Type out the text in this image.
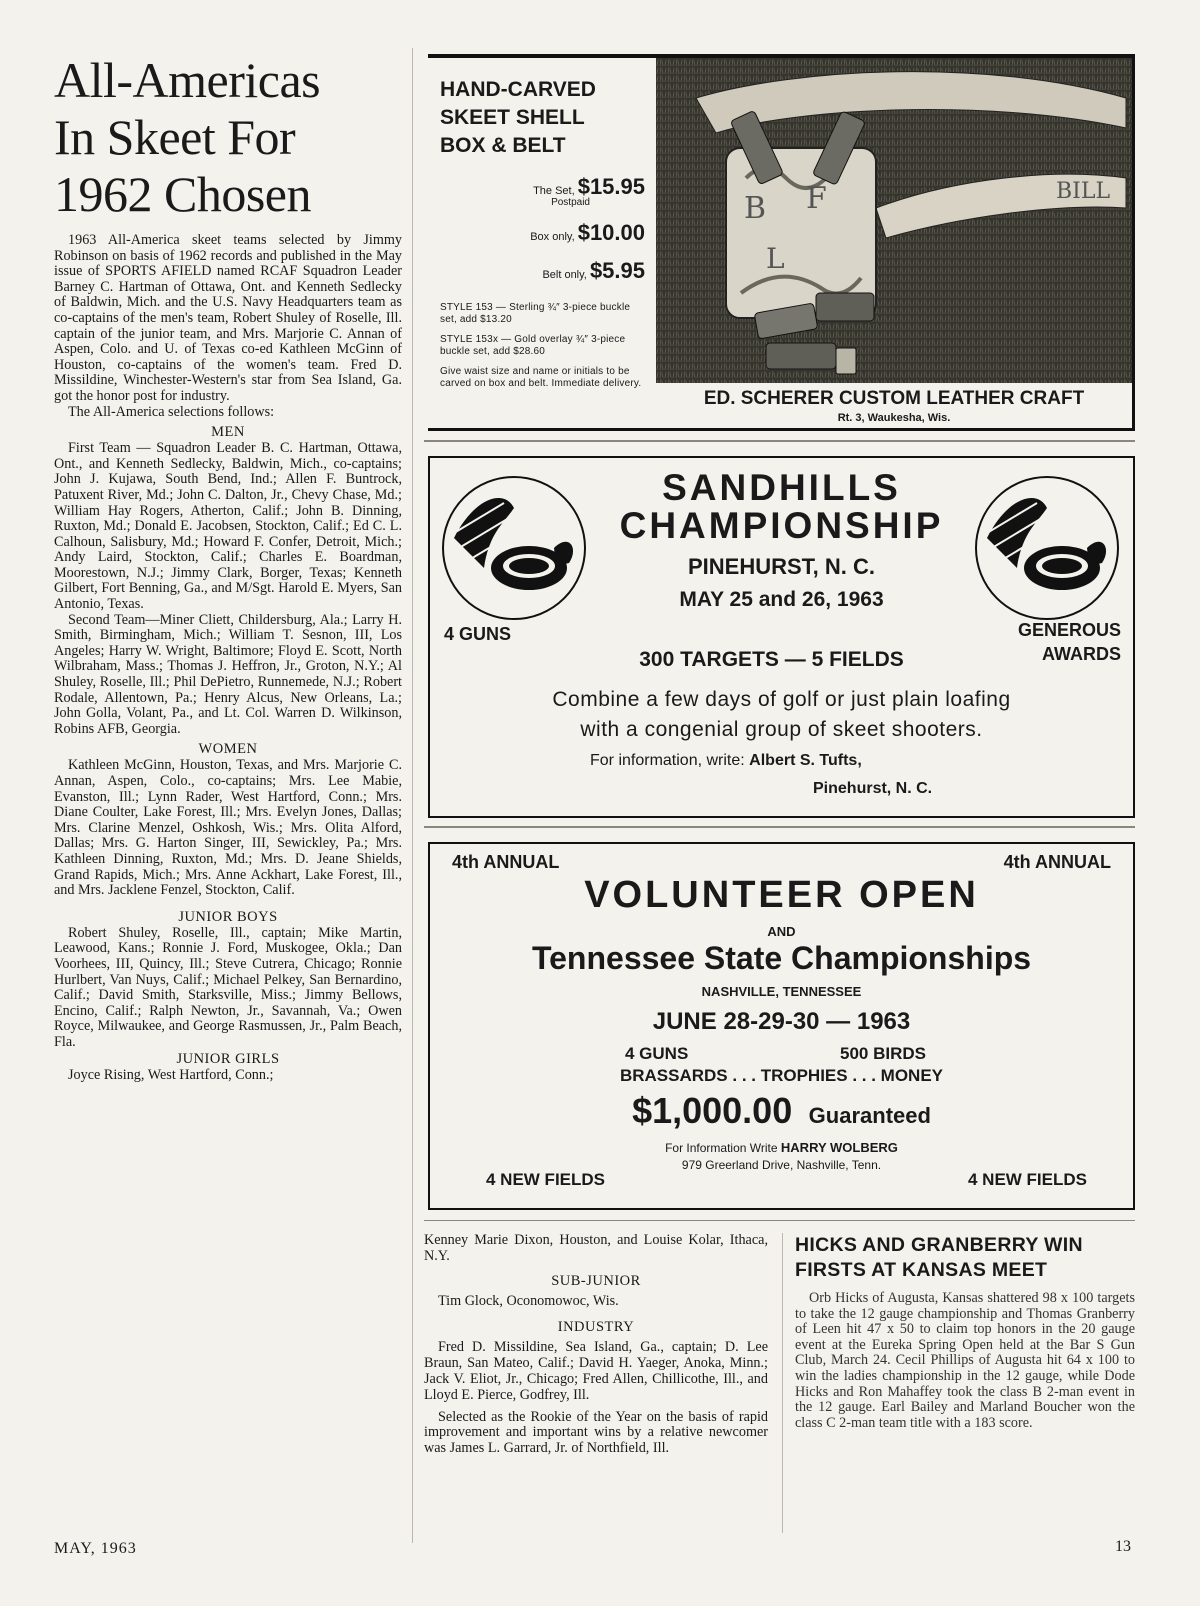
All-Americas
In Skeet For
1962 Chosen

1963 All-America skeet teams selected by Jimmy Robinson on basis of 1962 records and published in the May issue of SPORTS AFIELD named RCAF Squadron Leader Barney C. Hartman of Ottawa, Ont. and Kenneth Sedlecky of Baldwin, Mich. and the U.S. Navy Headquarters team as co-captains of the men's team, Robert Shuley of Roselle, Ill. captain of the junior team, and Mrs. Marjorie C. Annan of Aspen, Colo. and U. of Texas co-ed Kathleen McGinn of Houston, co-captains of the women's team. Fred D. Missildine, Winchester-Western's star from Sea Island, Ga. got the honor post for industry.

The All-America selections follows:

MEN

First Team — Squadron Leader B. C. Hartman, Ottawa, Ont., and Kenneth Sedlecky, Baldwin, Mich., co-captains; John J. Kujawa, South Bend, Ind.; Allen F. Buntrock, Patuxent River, Md.; John C. Dalton, Jr., Chevy Chase, Md.; William Hay Rogers, Atherton, Calif.; John B. Dinning, Ruxton, Md.; Donald E. Jacobsen, Stockton, Calif.; Ed C. L. Calhoun, Salisbury, Md.; Howard F. Confer, Detroit, Mich.; Andy Laird, Stockton, Calif.; Charles E. Boardman, Moorestown, N.J.; Jimmy Clark, Borger, Texas; Kenneth Gilbert, Fort Benning, Ga., and M/Sgt. Harold E. Myers, San Antonio, Texas.

Second Team—Miner Cliett, Childersburg, Ala.; Larry H. Smith, Birmingham, Mich.; William T. Sesnon, III, Los Angeles; Harry W. Wright, Baltimore; Floyd E. Scott, North Wilbraham, Mass.; Thomas J. Heffron, Jr., Groton, N.Y.; Al Shuley, Roselle, Ill.; Phil DePietro, Runnemede, N.J.; Robert Rodale, Allentown, Pa.; Henry Alcus, New Orleans, La.; John Golla, Volant, Pa., and Lt. Col. Warren D. Wilkinson, Robins AFB, Georgia.

WOMEN

Kathleen McGinn, Houston, Texas, and Mrs. Marjorie C. Annan, Aspen, Colo., co-captains; Mrs. Lee Mabie, Evanston, Ill.; Lynn Rader, West Hartford, Conn.; Mrs. Diane Coulter, Lake Forest, Ill.; Mrs. Evelyn Jones, Dallas; Mrs. Clarine Menzel, Oshkosh, Wis.; Mrs. Olita Alford, Dallas; Mrs. G. Harton Singer, III, Sewickley, Pa.; Mrs. Kathleen Dinning, Ruxton, Md.; Mrs. D. Jeane Shields, Grand Rapids, Mich.; Mrs. Anne Ackhart, Lake Forest, Ill., and Mrs. Jacklene Fenzel, Stockton, Calif.

JUNIOR BOYS

Robert Shuley, Roselle, Ill., captain; Mike Martin, Leawood, Kans.; Ronnie J. Ford, Muskogee, Okla.; Dan Voorhees, III, Quincy, Ill.; Steve Cutrera, Chicago; Ronnie Hurlbert, Van Nuys, Calif.; Michael Pelkey, San Bernardino, Calif.; David Smith, Starksville, Miss.; Jimmy Bellows, Encino, Calif.; Ralph Newton, Jr., Savannah, Va.; Owen Royce, Milwaukee, and George Rasmussen, Jr., Palm Beach, Fla.

JUNIOR GIRLS

Joyce Rising, West Hartford, Conn.;

HAND-CARVED
SKEET SHELL
BOX & BELT

The Set, $15.95
Postpaid
Box only, $10.00
Belt only, $5.95
STYLE 153 — Sterling ¾″ 3-piece buckle set, add $13.20
STYLE 153x — Gold overlay ¾″ 3-piece buckle set, add $28.60
Give waist size and name or initials to be carved on box and belt. Immediate delivery.
BILL
B F
L
ED. SCHERER CUSTOM LEATHER CRAFT
Rt. 3, Waukesha, Wis.
SANDHILLS
CHAMPIONSHIP
PINEHURST, N. C.
MAY 25 and 26, 1963
4 GUNS	GENEROUS
AWARDS
300 TARGETS — 5 FIELDS
Combine a few days of golf or just plain loafing
with a congenial group of skeet shooters.
For information, write: Albert S. Tufts,
Pinehurst, N. C.
4th ANNUAL	4th ANNUAL
VOLUNTEER OPEN
AND
Tennessee State Championships
NASHVILLE, TENNESSEE
JUNE 28-29-30 — 1963
4 GUNS	500 BIRDS
BRASSARDS . . . TROPHIES . . . MONEY
$1,000.00 Guaranteed
For Information Write HARRY WOLBERG
979 Greerland Drive, Nashville, Tenn.
4 NEW FIELDS	4 NEW FIELDS

Kenney Marie Dixon, Houston, and Louise Kolar, Ithaca, N.Y.

SUB-JUNIOR

Tim Glock, Oconomowoc, Wis.

INDUSTRY

Fred D. Missildine, Sea Island, Ga., captain; D. Lee Braun, San Mateo, Calif.; David H. Yaeger, Anoka, Minn.; Jack V. Eliot, Jr., Chicago; Fred Allen, Chillicothe, Ill., and Lloyd E. Pierce, Godfrey, Ill.

Selected as the Rookie of the Year on the basis of rapid improvement and important wins by a relative newcomer was James L. Garrard, Jr. of Northfield, Ill.

HICKS AND GRANBERRY WIN
FIRSTS AT KANSAS MEET

Orb Hicks of Augusta, Kansas shattered 98 x 100 targets to take the 12 gauge championship and Thomas Granberry of Leen hit 47 x 50 to claim top honors in the 20 gauge event at the Eureka Spring Open held at the Bar S Gun Club, March 24. Cecil Phillips of Augusta hit 64 x 100 to win the ladies championship in the 12 gauge, while Dode Hicks and Ron Mahaffey took the class B 2-man event in the 12 gauge. Earl Bailey and Marland Boucher won the class C 2-man team title with a 183 score.

MAY, 1963	13
